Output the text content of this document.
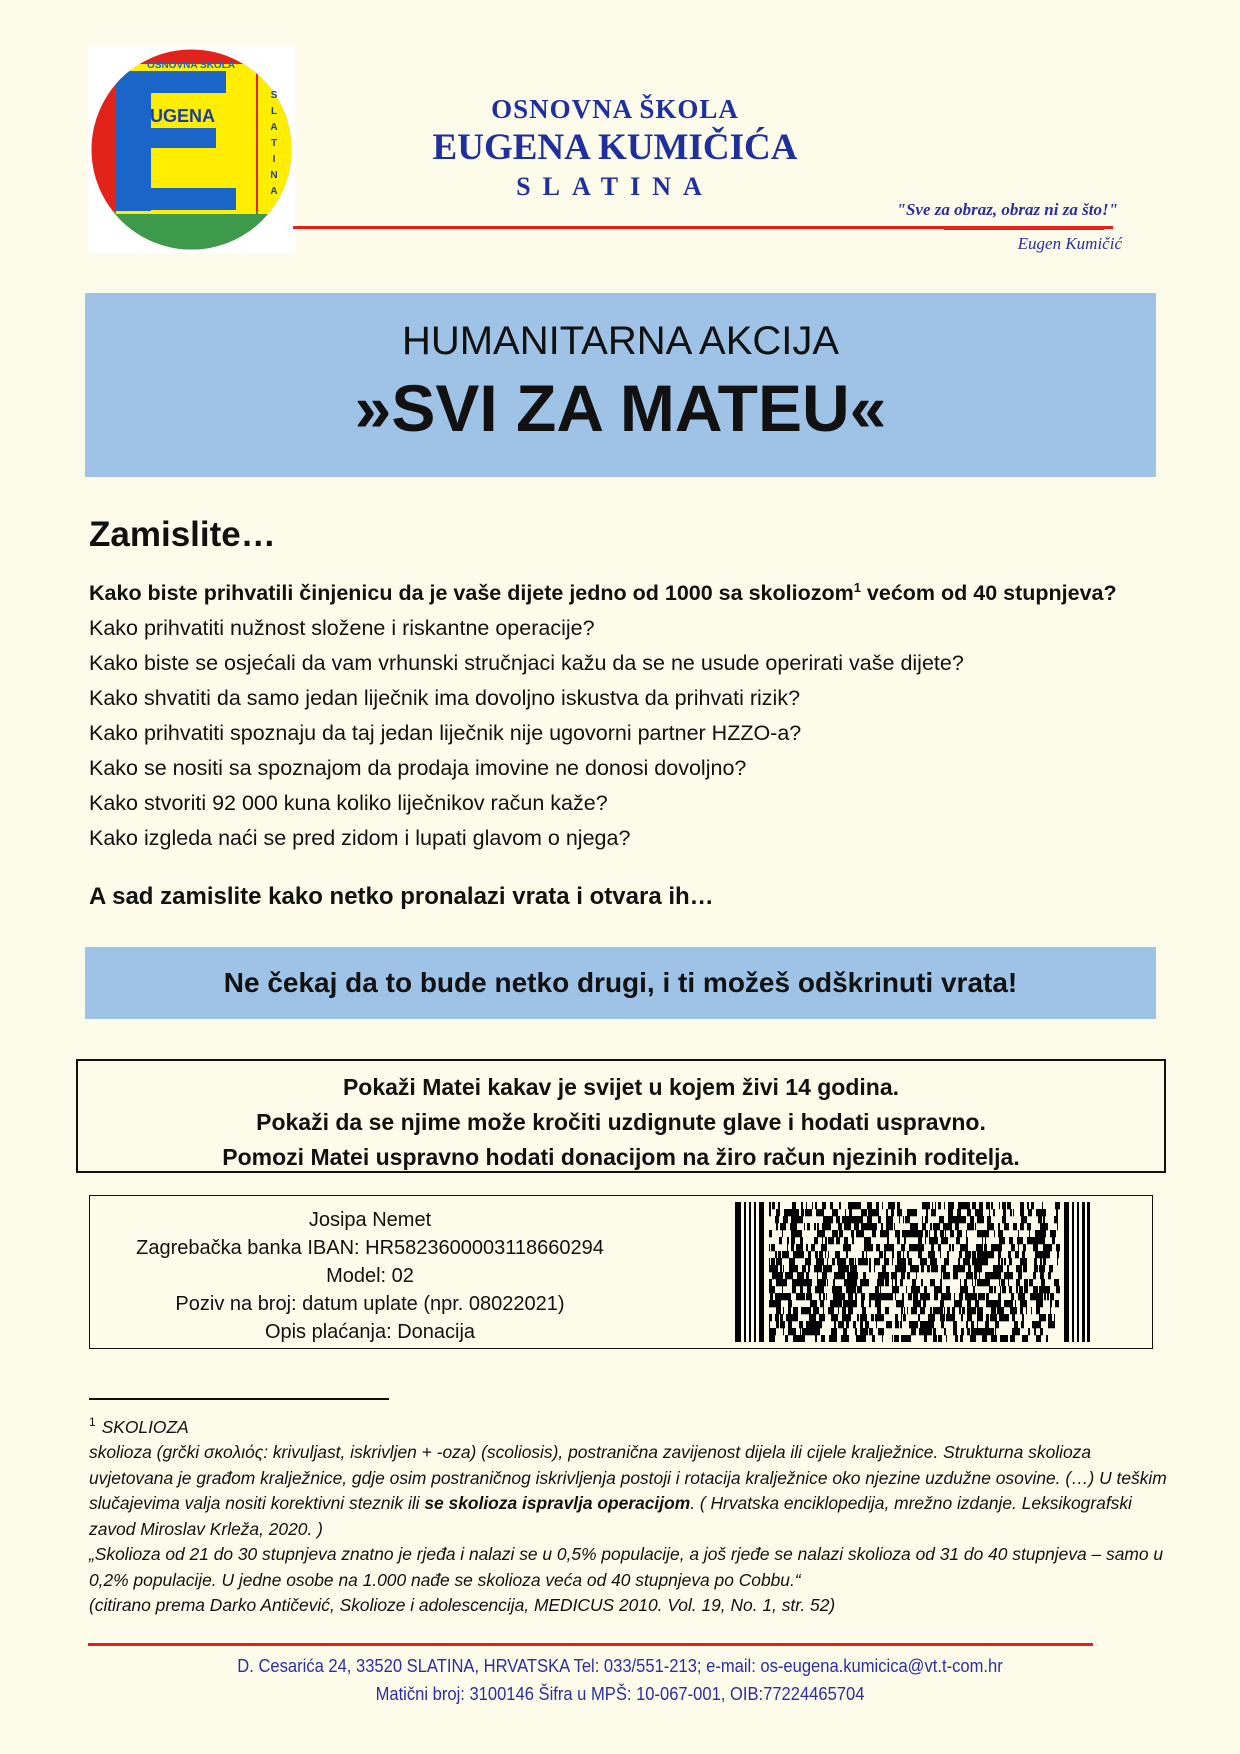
OSNOVNA ŠKOLA
UGENA
UMIČIĆA
S
L
A
T
I
N
A
OSNOVNA ŠKOLA
EUGENA KUMIČIĆA
SLATINA
"Sve za obraz, obraz ni za što!"
Eugen Kumičić
HUMANITARNA AKCIJA
»SVI ZA MATEU«
Zamislite…
Kako biste prihvatili činjenicu da je vaše dijete jedno od 1000 sa skoliozom$^1$ većom od 40 stupnjeva?
Kako prihvatiti nužnost složene i riskantne operacije?
Kako biste se osjećali da vam vrhunski stručnjaci kažu da se ne usude operirati vaše dijete?
Kako shvatiti da samo jedan liječnik ima dovoljno iskustva da prihvati rizik?
Kako prihvatiti spoznaju da taj jedan liječnik nije ugovorni partner HZZO-a?
Kako se nositi sa spoznajom da prodaja imovine ne donosi dovoljno?
Kako stvoriti 92 000 kuna koliko liječnikov račun kaže?
Kako izgleda naći se pred zidom i lupati glavom o njega?
A sad zamislite kako netko pronalazi vrata i otvara ih…
Ne čekaj da to bude netko drugi, i ti možeš odškrinuti vrata!
Pokaži Matei kakav je svijet u kojem živi 14 godina.
Pokaži da se njime može kročiti uzdignute glave i hodati uspravno.
Pomozi Matei uspravno hodati donacijom na žiro račun njezinih roditelja.
Josipa Nemet
Zagrebačka banka IBAN: HR5823600003118660294
Model: 02
Poziv na broj: datum uplate (npr. 08022021)
Opis plaćanja: Donacija
$^1$ SKOLIOZA
skolioza (grčki σκολιός: krivuljast, iskrivljen + -oza) (scoliosis), postranična zavijenost dijela ili cijele kralježnice. Strukturna skolioza uvjetovana je građom kralježnice, gdje osim postraničnog iskrivljenja postoji i rotacija kralježnice oko njezine uzdužne osovine. (…) U teškim slučajevima valja nositi korektivni steznik ili se skolioza ispravlja operacijom. ( Hrvatska enciklopedija, mrežno izdanje. Leksikografski zavod Miroslav Krleža, 2020. )
„Skolioza od 21 do 30 stupnjeva znatno je rjeđa i nalazi se u 0,5% populacije, a još rjeđe se nalazi skolioza od 31 do 40 stupnjeva – samo u 0,2% populacije. U jedne osobe na 1.000 nađe se skolioza veća od 40 stupnjeva po Cobbu.“
(citirano prema Darko Antičević, Skolioze i adolescencija, MEDICUS 2010. Vol. 19, No. 1, str. 52)
D. Cesarića 24, 33520 SLATINA, HRVATSKA Tel: 033/551-213; e-mail: os-eugena.kumicica@vt.t-com.hr
Matični broj: 3100146 Šifra u MPŠ: 10-067-001, OIB:77224465704
